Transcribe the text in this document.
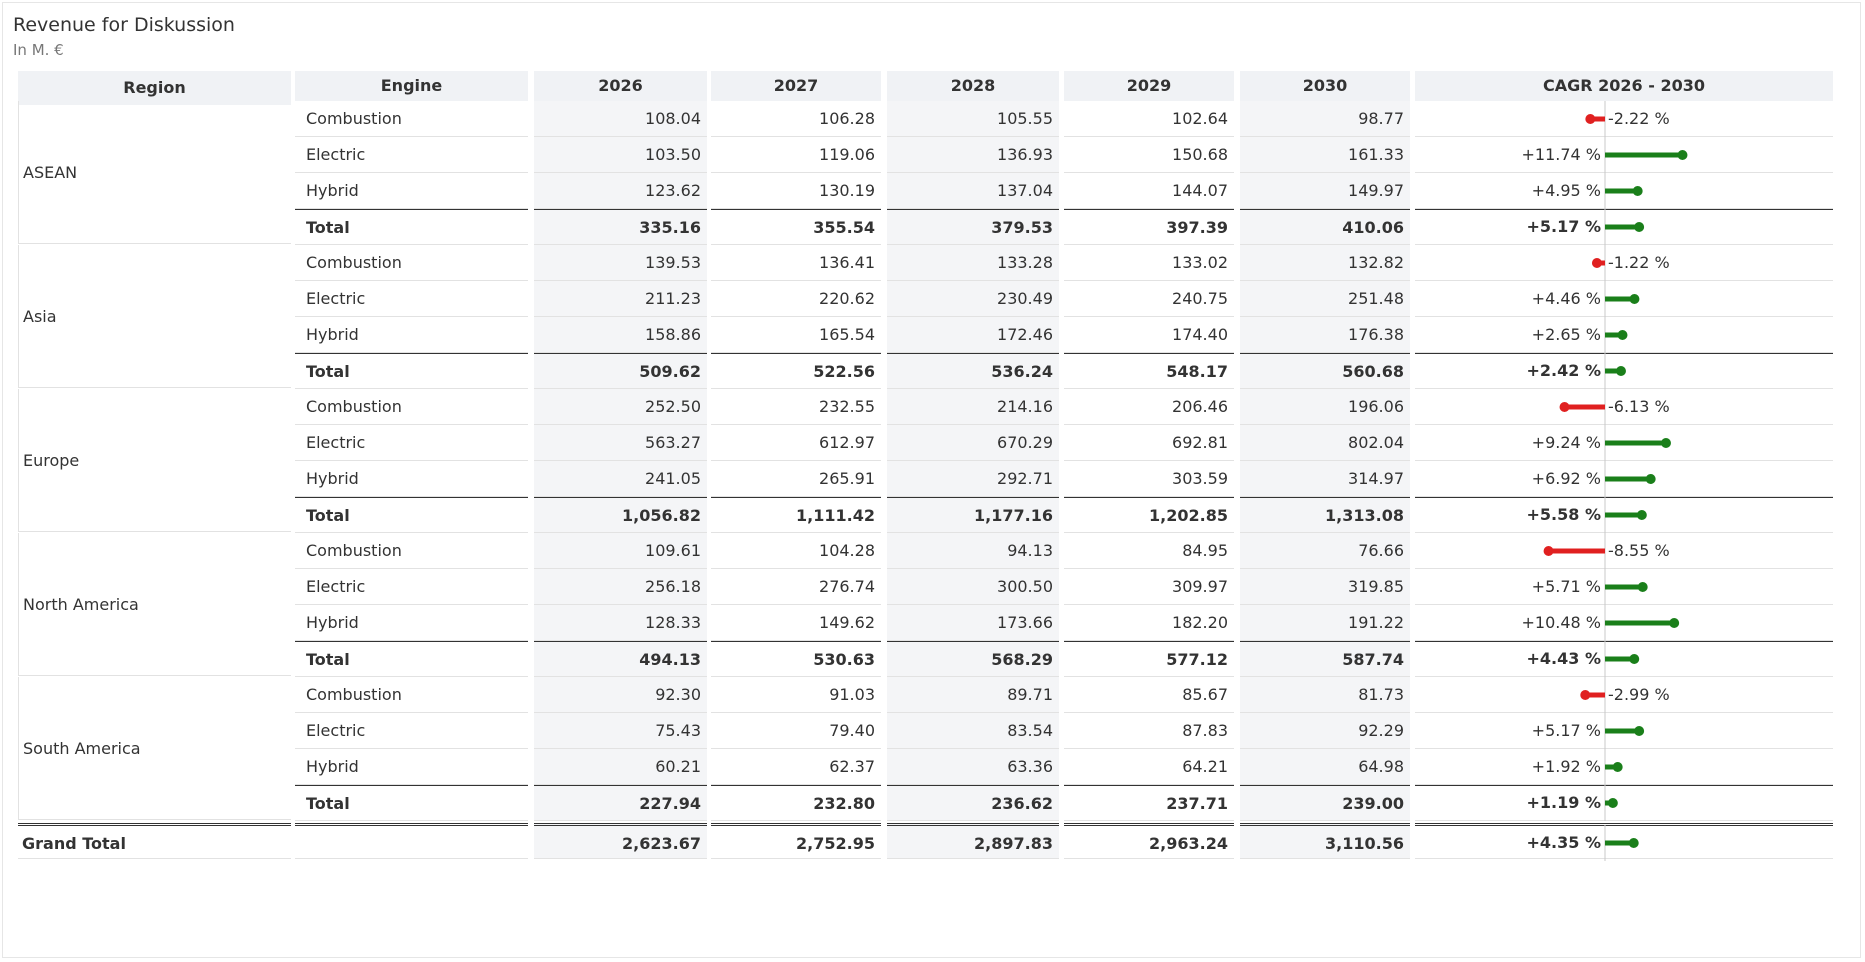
Revenue for Diskussion
In M. €
Region	Engine	2026	2027	2028	2029	2030	CAGR 2026 - 2030
ASEAN
Combustion	108.04	106.28	105.55	102.64	98.77	-2.22 %
Electric	103.50	119.06	136.93	150.68	161.33	+11.74 %
Hybrid	123.62	130.19	137.04	144.07	149.97	+4.95 %
Total	335.16	355.54	379.53	397.39	410.06	+5.17 %
Asia
Combustion	139.53	136.41	133.28	133.02	132.82	-1.22 %
Electric	211.23	220.62	230.49	240.75	251.48	+4.46 %
Hybrid	158.86	165.54	172.46	174.40	176.38	+2.65 %
Total	509.62	522.56	536.24	548.17	560.68	+2.42 %
Europe
Combustion	252.50	232.55	214.16	206.46	196.06	-6.13 %
Electric	563.27	612.97	670.29	692.81	802.04	+9.24 %
Hybrid	241.05	265.91	292.71	303.59	314.97	+6.92 %
Total	1,056.82	1,111.42	1,177.16	1,202.85	1,313.08	+5.58 %
North America
Combustion	109.61	104.28	94.13	84.95	76.66	-8.55 %
Electric	256.18	276.74	300.50	309.97	319.85	+5.71 %
Hybrid	128.33	149.62	173.66	182.20	191.22	+10.48 %
Total	494.13	530.63	568.29	577.12	587.74	+4.43 %
South America
Combustion	92.30	91.03	89.71	85.67	81.73	-2.99 %
Electric	75.43	79.40	83.54	87.83	92.29	+5.17 %
Hybrid	60.21	62.37	63.36	64.21	64.98	+1.92 %
Total	227.94	232.80	236.62	237.71	239.00	+1.19 %
Grand Total	2,623.67	2,752.95	2,897.83	2,963.24	3,110.56	+4.35 %
